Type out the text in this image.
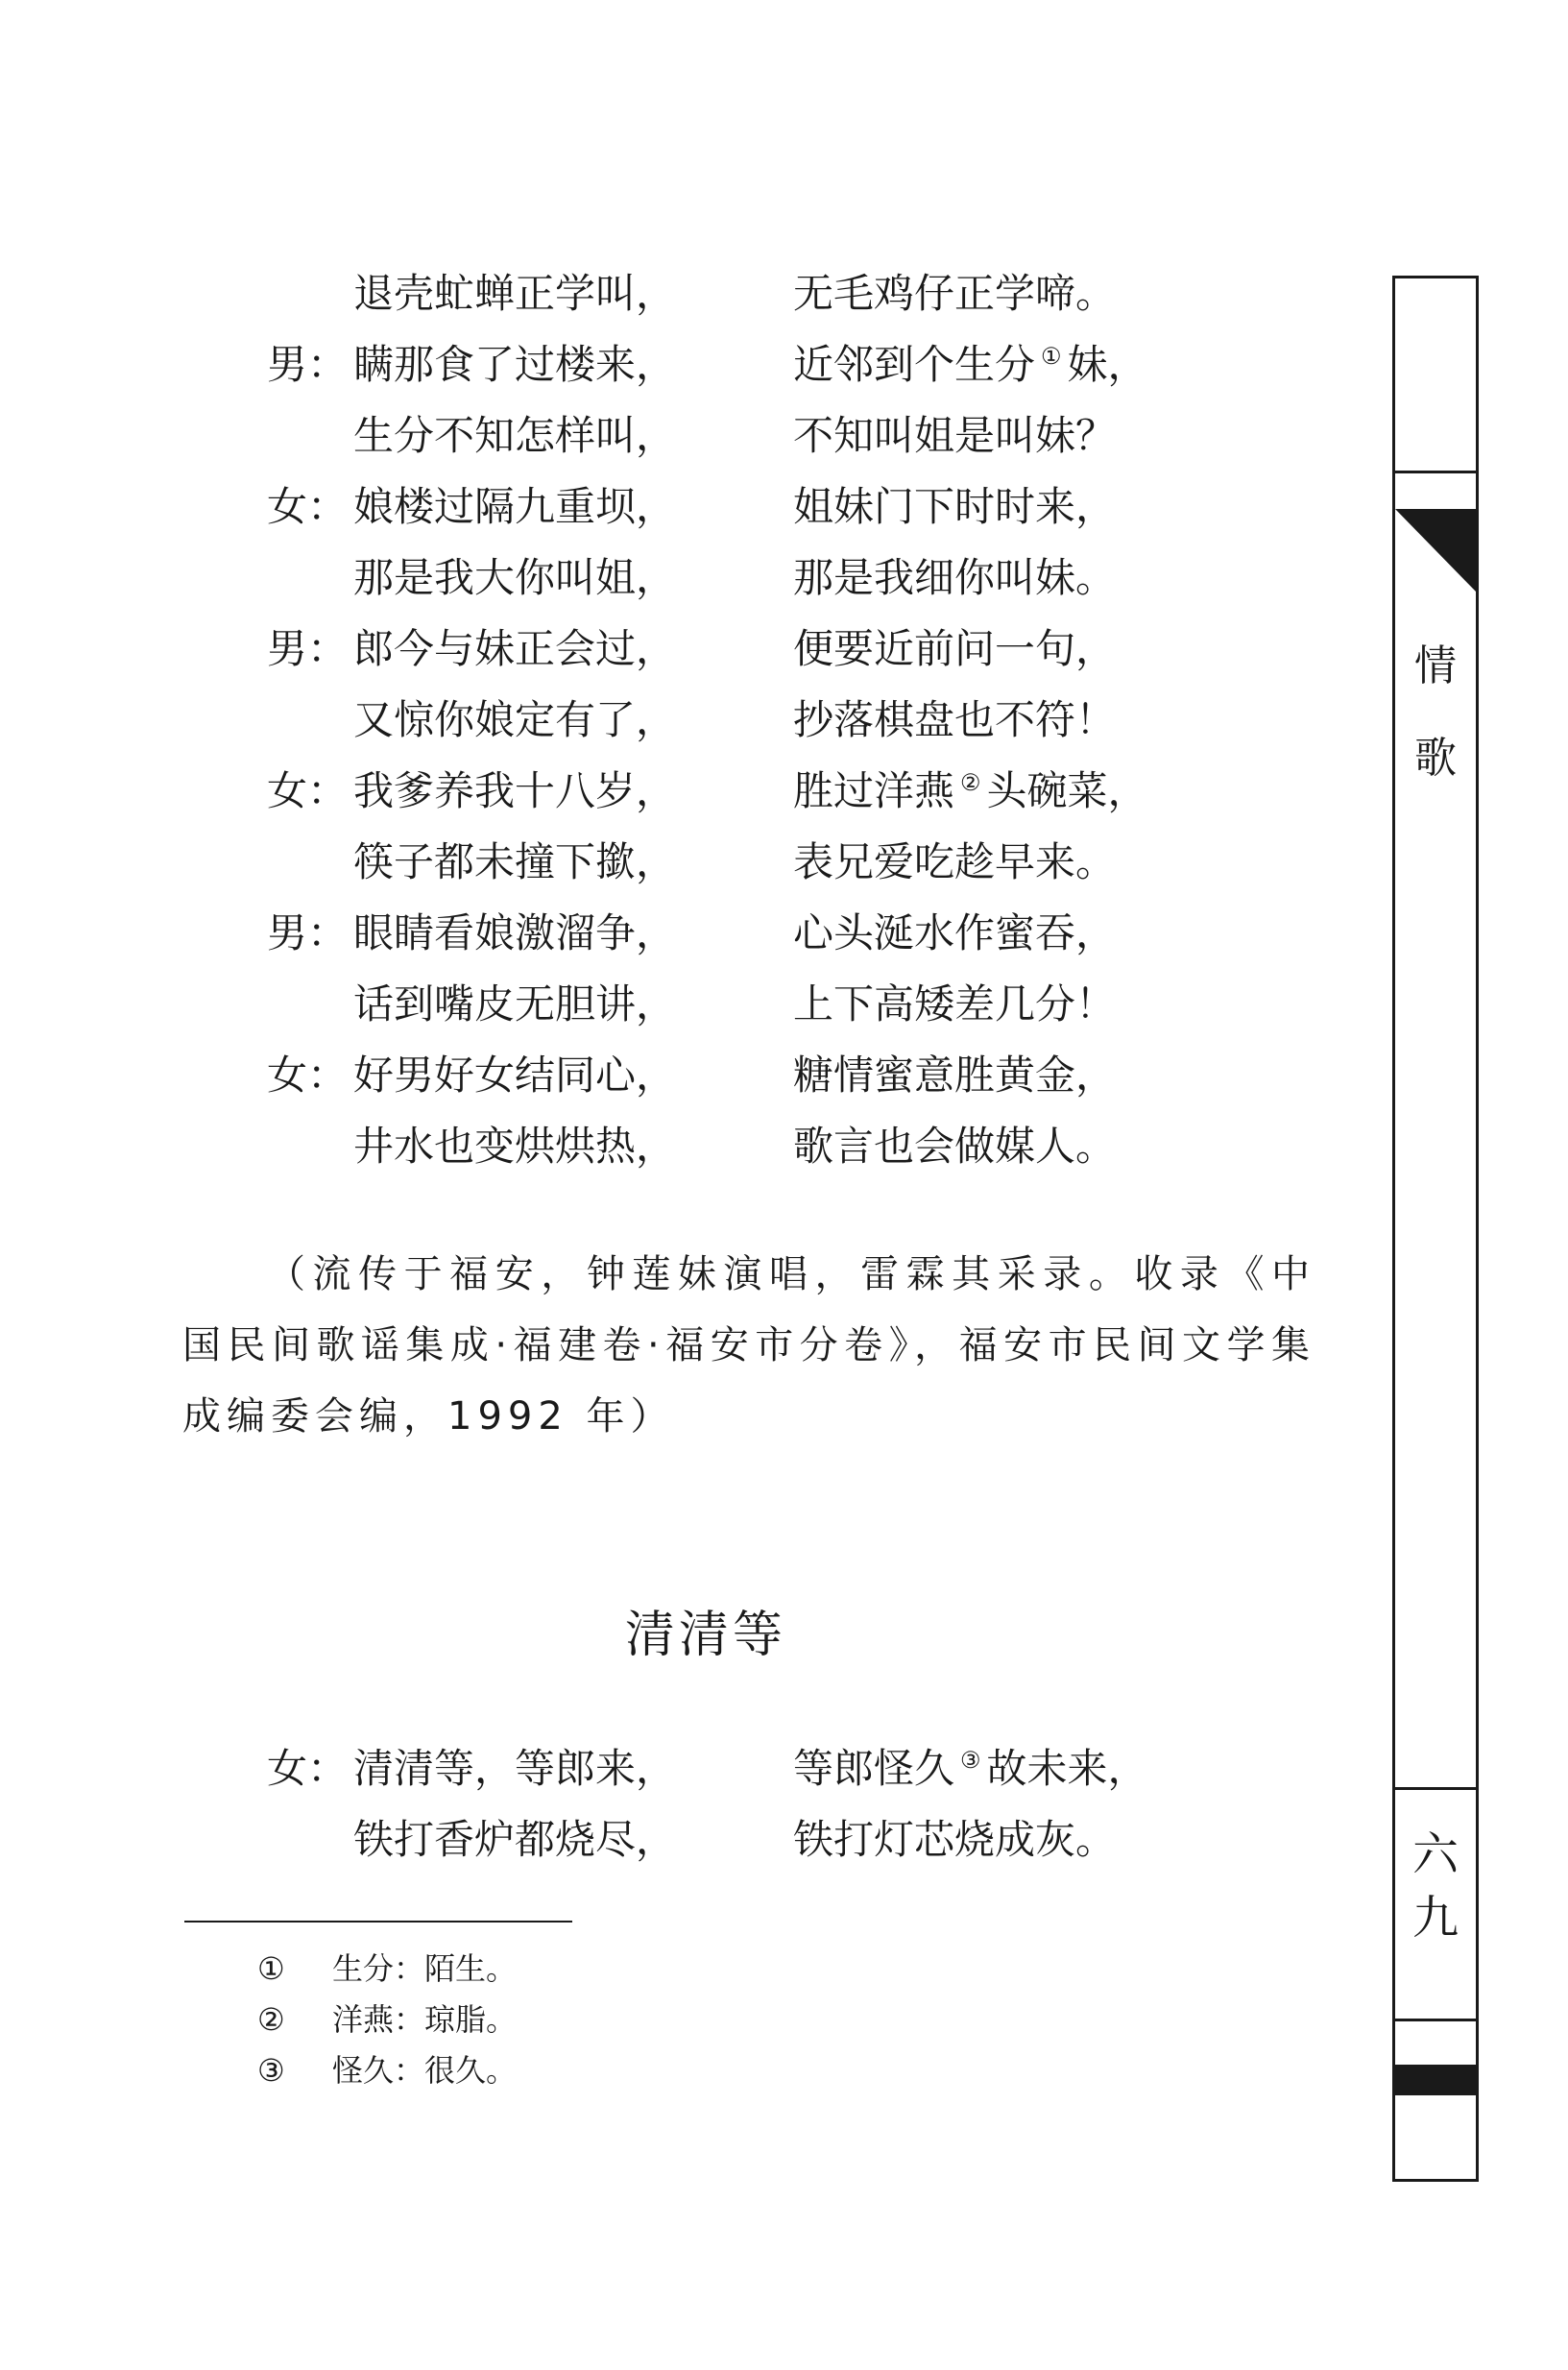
退壳虻蝉正学叫，	无毛鸡仔正学啼。
男： 瞒那食了过楼来，	近邻到个生分 ① 妹，
生分不知怎样叫，	不知叫姐是叫妹？
女： 娘楼过隔九重坝，	姐妹门下时时来，
那是我大你叫姐，	那是我细你叫妹。
男： 郎今与妹正会过，	便要近前问一句，
又惊你娘定有了，	抄落棋盘也不符！
女： 我爹养我十八岁，	胜过洋燕 ② 头碗菜，
筷子都未撞下撳，	表兄爱吃趁早来。
男： 眼睛看娘激溜争，	心头涎水作蜜吞，
话到嘴皮无胆讲，	上下高矮差几分！
女： 好男好女结同心，	糖情蜜意胜黄金，
井水也变烘烘热，	歌言也会做媒人。
（流传于福安，钟莲妹演唱，雷霖其采录。收录《中国民间歌谣集成·福建卷·福安市分卷》，福安市民间文学集成编委会编，1992 年）
清清等
女： 清清等，等郎来，	等郎怪久 ③ 故未来，
铁打香炉都烧尽，	铁打灯芯烧成灰。
① 生分：陌生。
② 洋燕：琼脂。
③ 怪久：很久。
情
歌
六
九
